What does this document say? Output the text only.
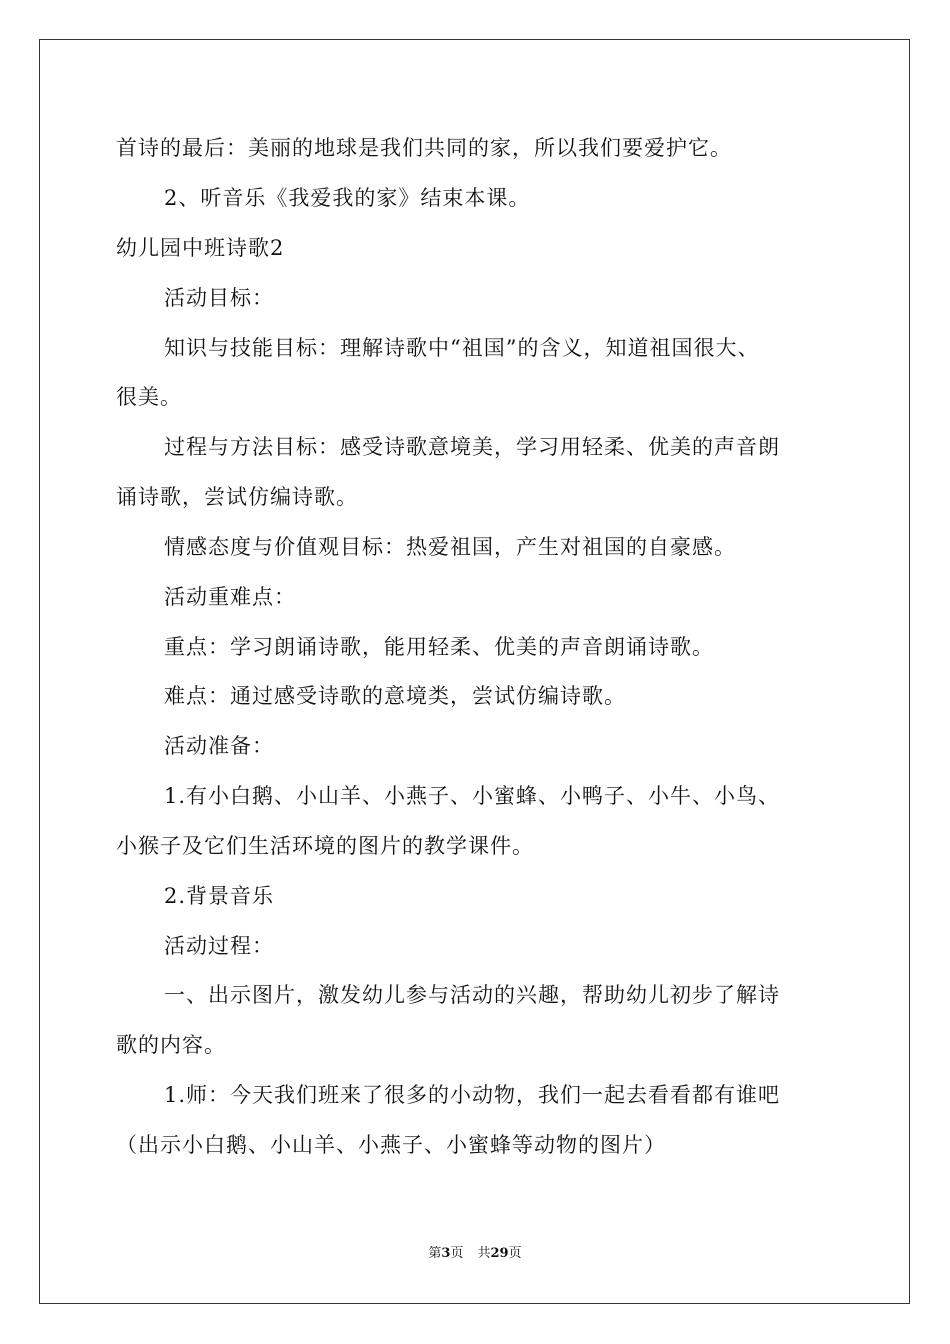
首诗的最后：美丽的地球是我们共同的家，所以我们要爱护它。
2、听音乐《我爱我的家》结束本课。
幼儿园中班诗歌2
活动目标：
知识与技能目标：理解诗歌中“祖国”的含义，知道祖国很大、
很美。
过程与方法目标：感受诗歌意境美，学习用轻柔、优美的声音朗
诵诗歌，尝试仿编诗歌。
情感态度与价值观目标：热爱祖国，产生对祖国的自豪感。
活动重难点：
重点：学习朗诵诗歌，能用轻柔、优美的声音朗诵诗歌。
难点：通过感受诗歌的意境类，尝试仿编诗歌。
活动准备：
1.有小白鹅、小山羊、小燕子、小蜜蜂、小鸭子、小牛、小鸟、
小猴子及它们生活环境的图片的教学课件。
2.背景音乐
活动过程：
一、出示图片，激发幼儿参与活动的兴趣，帮助幼儿初步了解诗
歌的内容。
1.师：今天我们班来了很多的小动物，我们一起去看看都有谁吧
（出示小白鹅、小山羊、小燕子、小蜜蜂等动物的图片）
第3页 共29页
